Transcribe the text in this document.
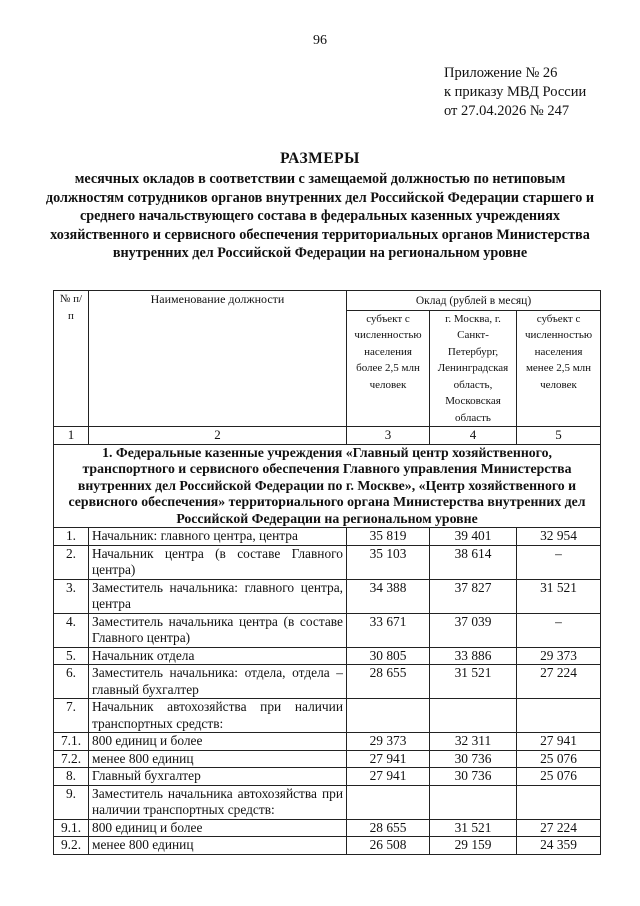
96
Приложение № 26
к приказу МВД России
от 27.04.2026 № 247
РАЗМЕРЫ
месячных окладов в соответствии с замещаемой должностью по нетиповым должностям сотрудников органов внутренних дел Российской Федерации старшего и среднего начальствующего состава в федеральных казенных учреждениях хозяйственного и сервисного обеспечения территориальных органов Министерства внутренних дел Российской Федерации на региональном уровне
№ п/п	Наименование должности	Оклад (рублей в месяц)		
		субъект с численностью населения более 2,5 млн человек	г. Москва, г. Санкт-Петербург, Ленинградская область, Московская область	субъект с численностью населения менее 2,5 млн человек
1	2	3	4	5
1. Федеральные казенные учреждения «Главный центр хозяйственного, транспортного и сервисного обеспечения Главного управления Министерства внутренних дел Российской Федерации по г. Москве», «Центр хозяйственного и сервисного обеспечения» территориального органа Министерства внутренних дел Российской Федерации на региональном уровне				
1.	Начальник: главного центра, центра	35 819	39 401	32 954
2.	Начальник центра (в составе Главного центра)	35 103	38 614	–
3.	Заместитель начальника: главного центра, центра	34 388	37 827	31 521
4.	Заместитель начальника центра (в составе Главного центра)	33 671	37 039	–
5.	Начальник отдела	30 805	33 886	29 373
6.	Заместитель начальника: отдела, отдела – главный бухгалтер	28 655	31 521	27 224
7.	Начальник автохозяйства при наличии транспортных средств:			
7.1.	800 единиц и более	29 373	32 311	27 941
7.2.	менее 800 единиц	27 941	30 736	25 076
8.	Главный бухгалтер	27 941	30 736	25 076
9.	Заместитель начальника автохозяйства при наличии транспортных средств:			
9.1.	800 единиц и более	28 655	31 521	27 224
9.2.	менее 800 единиц	26 508	29 159	24 359
